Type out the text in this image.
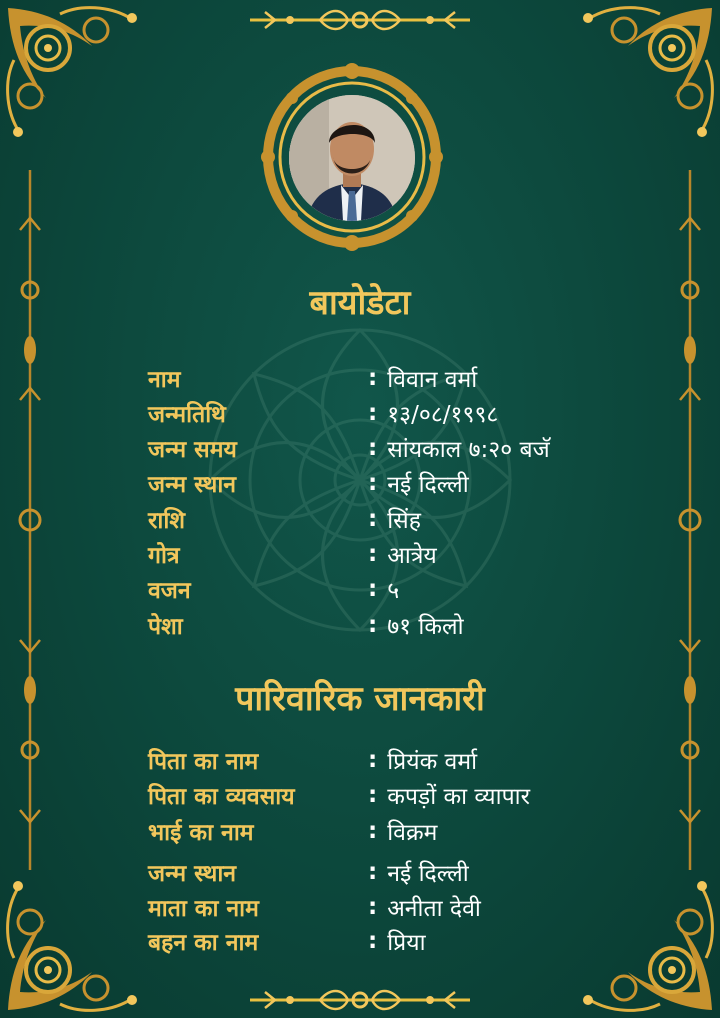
बायोडेटा
नाम	: विवान वर्मा
जन्मतिथि	: १३/०८/१९९८
जन्म समय	: सांयकाल ७:२० बजॅ
जन्म स्थान	: नई दिल्ली
राशि	: सिंह
गोत्र	: आत्रेय
वजन	: ५
पेशा	: ७१ किलो
पारिवारिक जानकारी
पिता का नाम	: प्रियंक वर्मा
पिता का व्यवसाय	: कपड़ों का व्यापार
भाई का नाम	: विक्रम
जन्म स्थान	: नई दिल्ली
माता का नाम	: अनीता देवी
बहन का नाम	: प्रिया
